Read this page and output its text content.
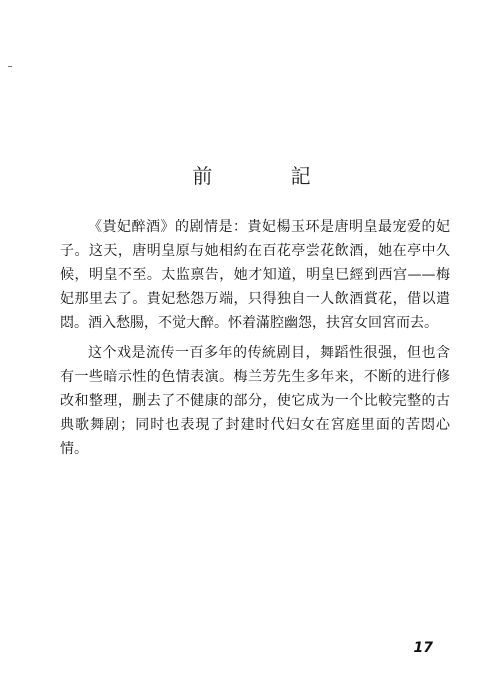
前 記

《貴妃醉酒》的剧情是：貴妃楊玉环是唐明皇最宠爱的妃子。这天，唐明皇原与她相約在百花亭尝花飲酒，她在亭中久候，明皇不至。太监禀告，她才知道，明皇巳經到西宫——梅妃那里去了。貴妃愁怨万端，只得独自一人飲酒賞花，借以遣悶。酒入愁腸，不觉大醉。怀着滿腔幽怨，扶宮女回宮而去。

这个戏是流传一百多年的传統剧目，舞蹈性很强，但也含有一些暗示性的色情表演。梅兰芳先生多年来，不断的进行修改和整理，删去了不健康的部分，使它成为一个比較完整的古典歌舞剧；同时也表現了封建时代妇女在宮庭里面的苦悶心情。

17
